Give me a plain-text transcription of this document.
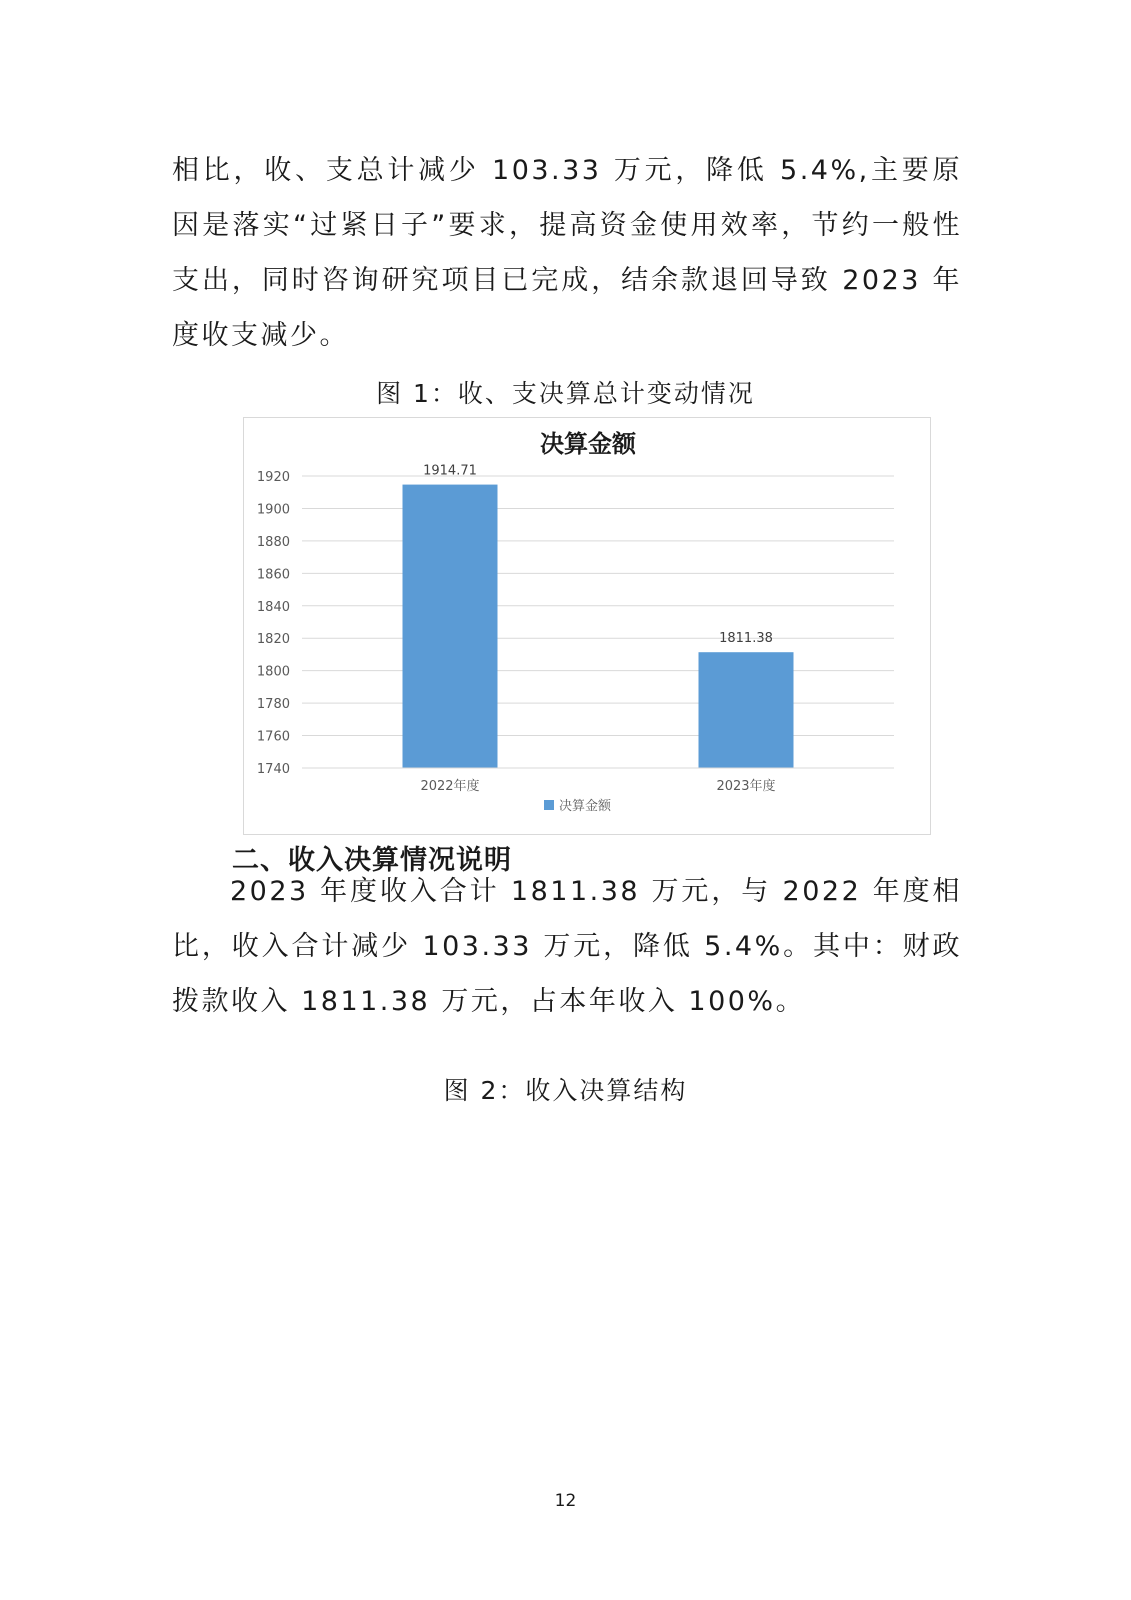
相比，收、支总计减少 103.33 万元，降低 5.4%,主要原因是落实“过紧日子”要求，提高资金使用效率，节约一般性支出，同时咨询研究项目已完成，结余款退回导致 2023 年度收支减少。

图 1：收、支决算总计变动情况

决算金额
1740
1760
1780
1800
1820
1840
1860
1880
1900
1920	1914.71
1811.38
2022年度	2023年度
决算金额

二、收入决算情况说明

2023 年度收入合计 1811.38 万元，与 2022 年度相比，收入合计减少 103.33 万元，降低 5.4%。其中：财政拨款收入 1811.38 万元，占本年收入 100%。

图 2：收入决算结构

12
